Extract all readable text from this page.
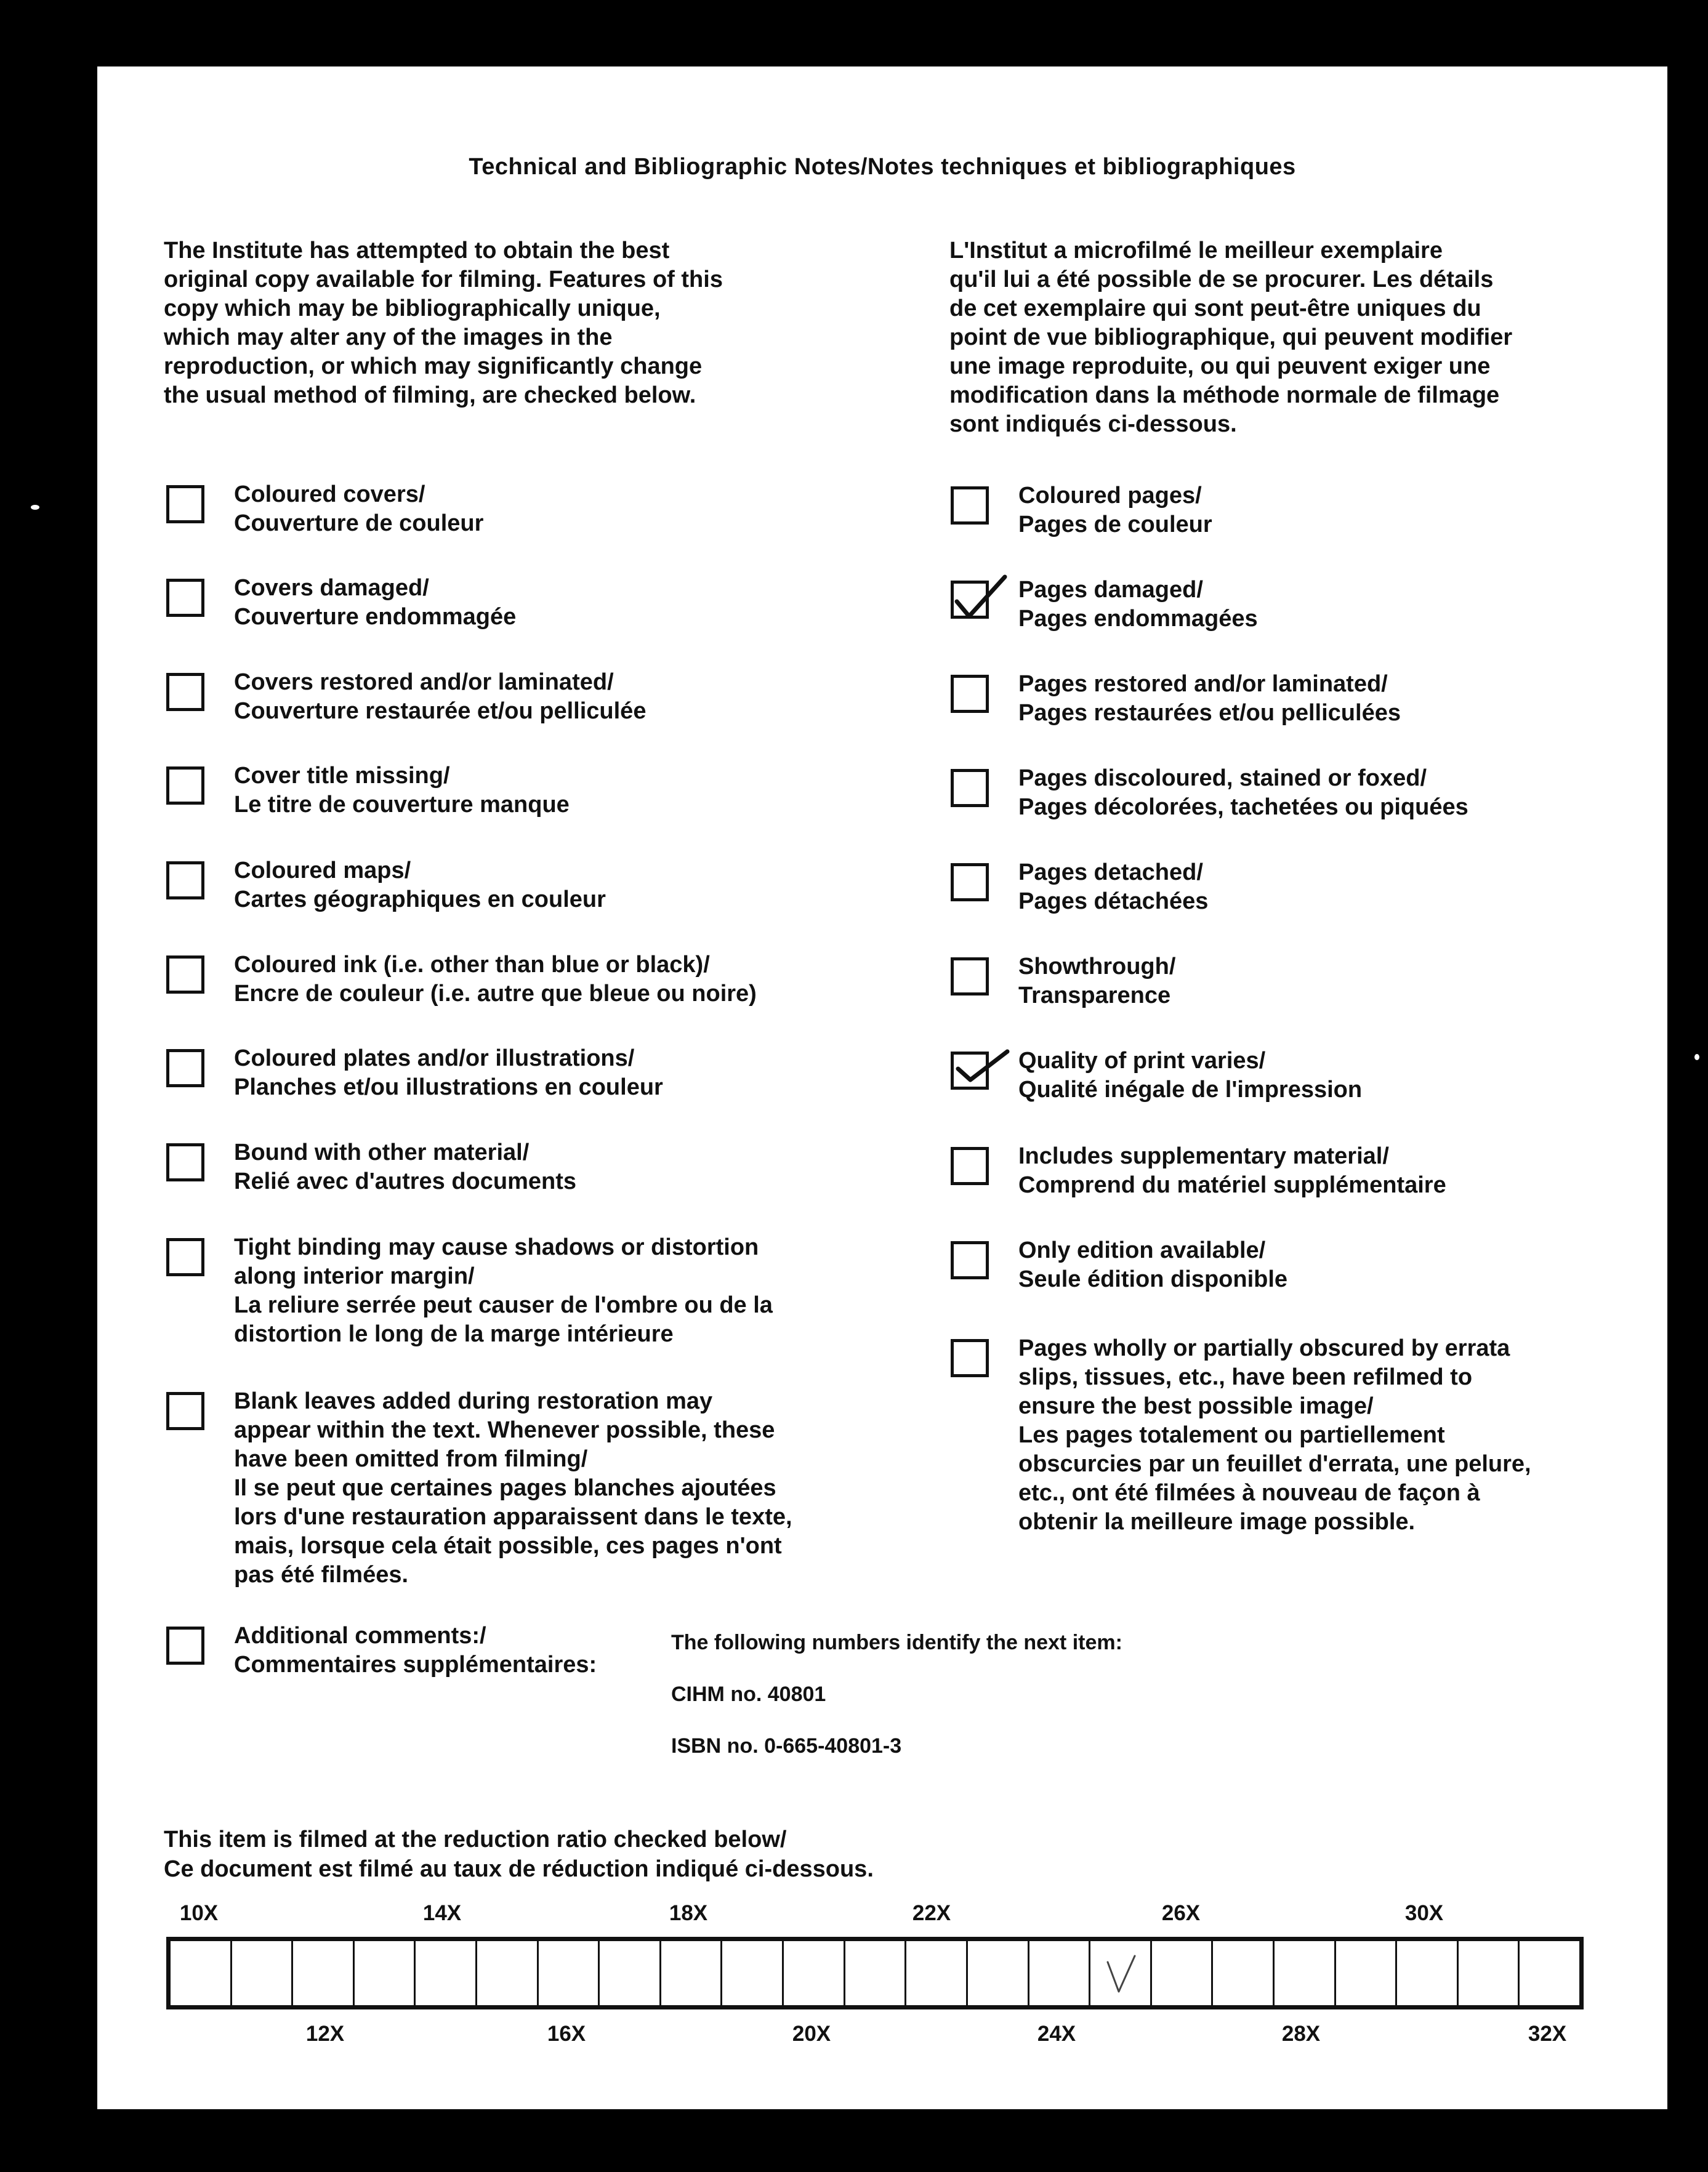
Technical and Bibliographic Notes/Notes techniques et bibliographiques

The Institute has attempted to obtain the best
original copy available for filming. Features of this
copy which may be bibliographically unique,
which may alter any of the images in the
reproduction, or which may significantly change
the usual method of filming, are checked below.

L'Institut a microfilmé le meilleur exemplaire
qu'il lui a été possible de se procurer. Les détails
de cet exemplaire qui sont peut-être uniques du
point de vue bibliographique, qui peuvent modifier
une image reproduite, ou qui peuvent exiger une
modification dans la méthode normale de filmage
sont indiqués ci-dessous.

Coloured covers/
Couverture de couleur
Covers damaged/
Couverture endommagée
Covers restored and/or laminated/
Couverture restaurée et/ou pelliculée
Cover title missing/
Le titre de couverture manque
Coloured maps/
Cartes géographiques en couleur
Coloured ink (i.e. other than blue or black)/
Encre de couleur (i.e. autre que bleue ou noire)
Coloured plates and/or illustrations/
Planches et/ou illustrations en couleur
Bound with other material/
Relié avec d'autres documents
Tight binding may cause shadows or distortion
along interior margin/
La reliure serrée peut causer de l'ombre ou de la
distortion le long de la marge intérieure
Blank leaves added during restoration may
appear within the text. Whenever possible, these
have been omitted from filming/
Il se peut que certaines pages blanches ajoutées
lors d'une restauration apparaissent dans le texte,
mais, lorsque cela était possible, ces pages n'ont
pas été filmées.
Additional comments:/
Commentaires supplémentaires:
Coloured pages/
Pages de couleur
Pages damaged/
Pages endommagées
Pages restored and/or laminated/
Pages restaurées et/ou pelliculées
Pages discoloured, stained or foxed/
Pages décolorées, tachetées ou piquées
Pages detached/
Pages détachées
Showthrough/
Transparence
Quality of print varies/
Qualité inégale de l'impression
Includes supplementary material/
Comprend du matériel supplémentaire
Only edition available/
Seule édition disponible
Pages wholly or partially obscured by errata
slips, tissues, etc., have been refilmed to
ensure the best possible image/
Les pages totalement ou partiellement
obscurcies par un feuillet d'errata, une pelure,
etc., ont été filmées à nouveau de façon à
obtenir la meilleure image possible.
The following numbers identify the next item:
CIHM no. 40801
ISBN no. 0-665-40801-3
This item is filmed at the reduction ratio checked below/
Ce document est filmé au taux de réduction indiqué ci-dessous.
10X	14X	18X	22X	26X	30X
12X	16X	20X	24X	28X	32X
